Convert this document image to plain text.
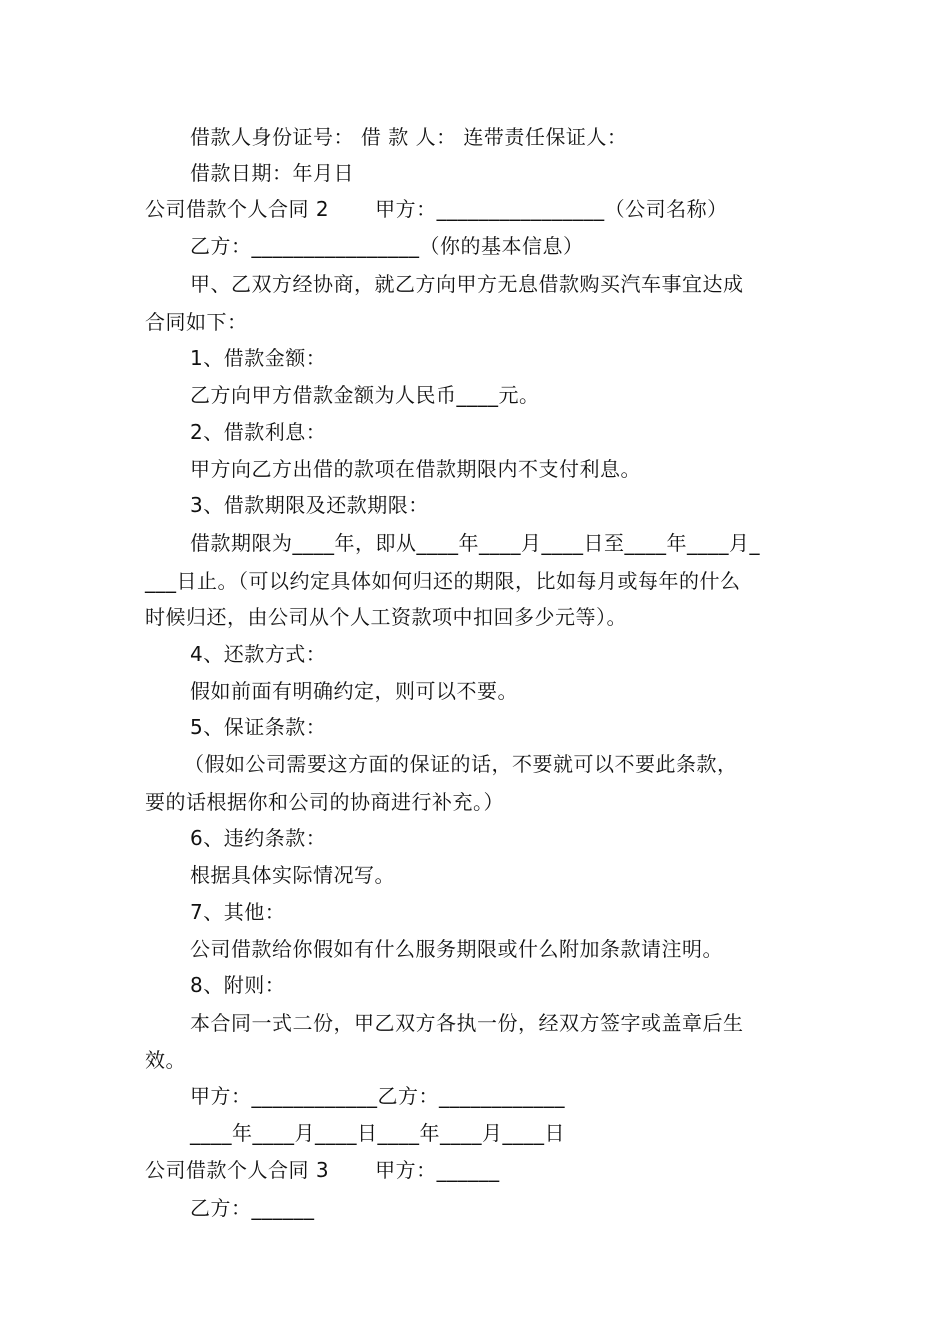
借款人身份证号： 借 款 人： 连带责任保证人：
借款日期：年月日
公司借款个人合同 2 甲方：________________（公司名称）
乙方：________________（你的基本信息）
甲、乙双方经协商，就乙方向甲方无息借款购买汽车事宜达成
合同如下：
1、借款金额：
乙方向甲方借款金额为人民币____元。
2、借款利息：
甲方向乙方出借的款项在借款期限内不支付利息。
3、借款期限及还款期限：
借款期限为____年，即从____年____月____日至____年____月_
___日止。（可以约定具体如何归还的期限，比如每月或每年的什么
时候归还，由公司从个人工资款项中扣回多少元等）。
4、还款方式：
假如前面有明确约定，则可以不要。
5、保证条款：
（假如公司需要这方面的保证的话，不要就可以不要此条款，
要的话根据你和公司的协商进行补充。）
6、违约条款：
根据具体实际情况写。
7、其他：
公司借款给你假如有什么服务期限或什么附加条款请注明。
8、附则：
本合同一式二份，甲乙双方各执一份，经双方签字或盖章后生
效。
甲方：____________乙方：____________
____年____月____日____年____月____日
公司借款个人合同 3 甲方：______
乙方：______
